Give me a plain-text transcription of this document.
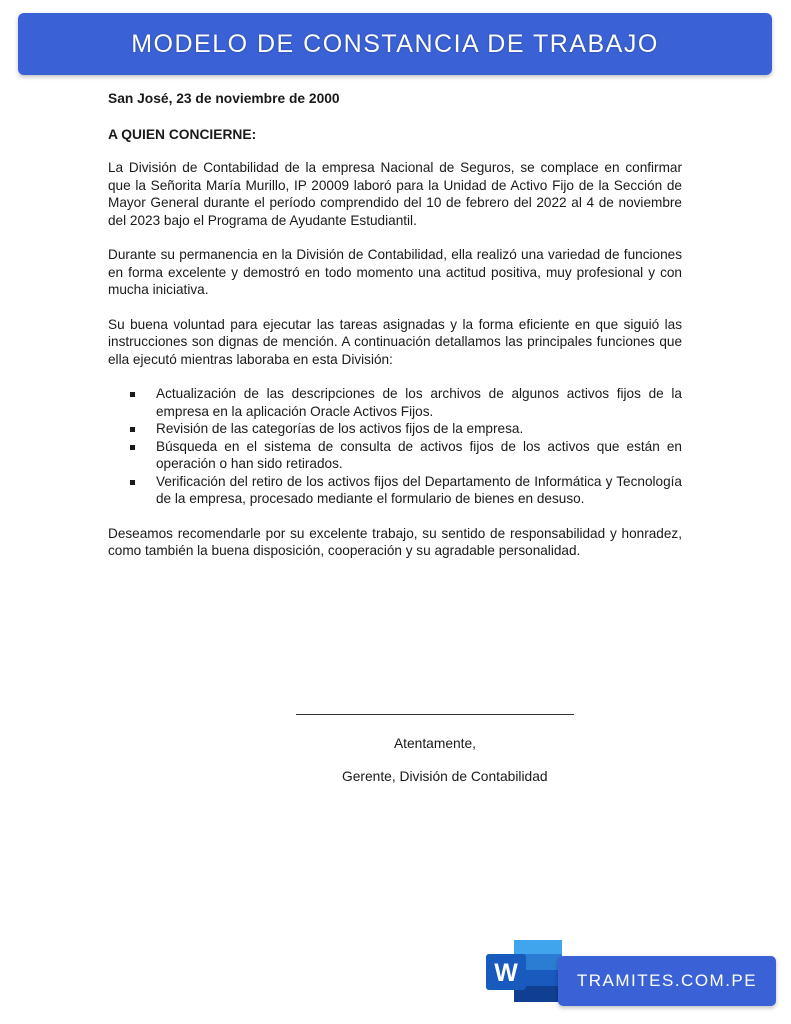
MODELO DE CONSTANCIA DE TRABAJO

San José, 23 de noviembre de 2000

A QUIEN CONCIERNE:

La División de Contabilidad de la empresa Nacional de Seguros, se complace en confirmar que la Señorita María Murillo, IP 20009 laboró para la Unidad de Activo Fijo de la Sección de Mayor General durante el período comprendido del 10 de febrero del 2022 al 4 de noviembre del 2023 bajo el Programa de Ayudante Estudiantil.

Durante su permanencia en la División de Contabilidad, ella realizó una variedad de funciones en forma excelente y demostró en todo momento una actitud positiva, muy profesional y con mucha iniciativa.

Su buena voluntad para ejecutar las tareas asignadas y la forma eficiente en que siguió las instrucciones son dignas de mención. A continuación detallamos las principales funciones que ella ejecutó mientras laboraba en esta División:

Actualización de las descripciones de los archivos de algunos activos fijos de la empresa en la aplicación Oracle Activos Fijos.
Revisión de las categorías de los activos fijos de la empresa.
Búsqueda en el sistema de consulta de activos fijos de los activos que están en operación o han sido retirados.
Verificación del retiro de los activos fijos del Departamento de Informática y Tecnología de la empresa, procesado mediante el formulario de bienes en desuso.

Deseamos recomendarle por su excelente trabajo, su sentido de responsabilidad y honradez, como también la buena disposición, cooperación y su agradable personalidad.

Atentamente,
Gerente, División de Contabilidad
W	TRAMITES.COM.PE
